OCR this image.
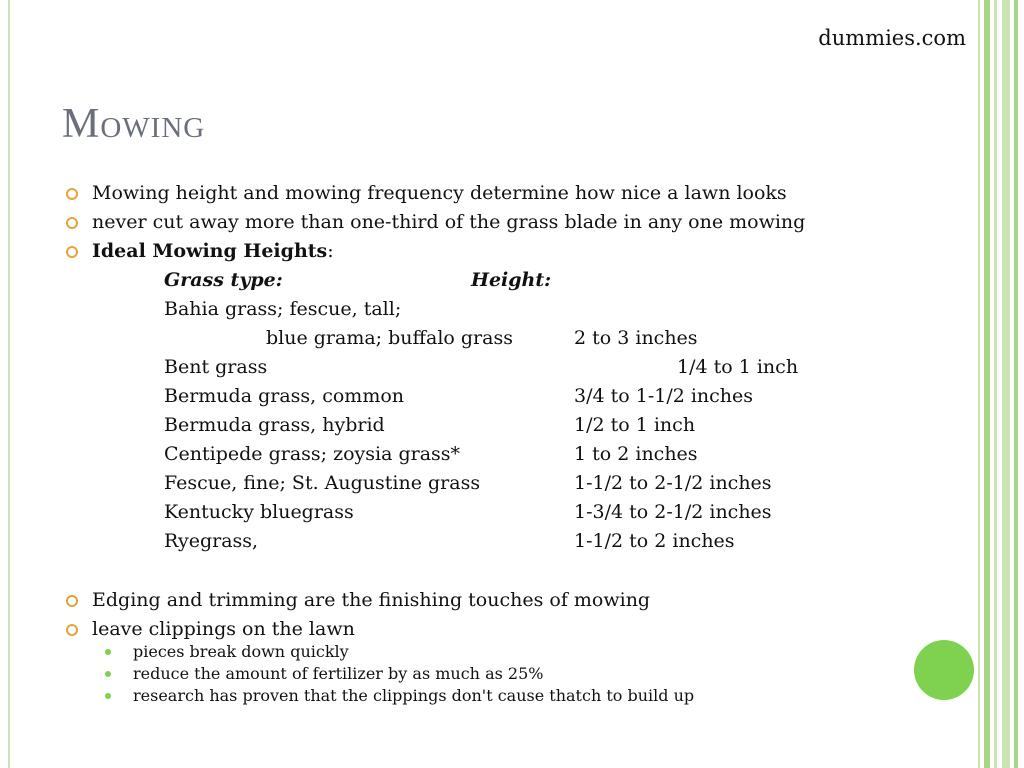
dummies.com
Mowing
Mowing height and mowing frequency determine how nice a lawn looks
never cut away more than one-third of the grass blade in any one mowing
Ideal Mowing Heights:
Grass type:	Height:
Bahia grass; fescue, tall;
blue grama; buffalo grass	2 to 3 inches
Bent grass	1/4 to 1 inch
Bermuda grass, common	3/4 to 1-1/2 inches
Bermuda grass, hybrid	1/2 to 1 inch
Centipede grass; zoysia grass*	1 to 2 inches
Fescue, fine; St. Augustine grass	1-1/2 to 2-1/2 inches
Kentucky bluegrass	1-3/4 to 2-1/2 inches
Ryegrass,	1-1/2 to 2 inches
Edging and trimming are the finishing touches of mowing
leave clippings on the lawn
pieces break down quickly
reduce the amount of fertilizer by as much as 25%
research has proven that the clippings don't cause thatch to build up
